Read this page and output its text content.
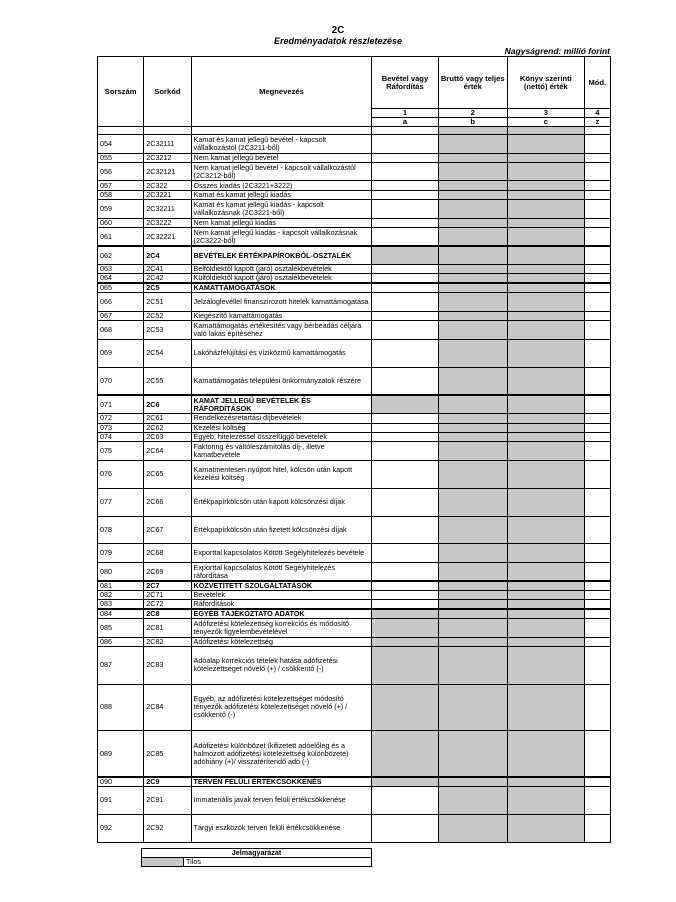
2C
Eredményadatok részletezése
Nagyságrend: millió forint
Sorszám	Sorkód	Megnevezés	Bevétel vagy Ráfordítás	Bruttó vagy teljes érték	Könyv szerinti (nettó) érték	Mód.
			1	2	3	4
			a	b	c	z

054	2C32111	Kamat és kamat jellegű bevétel - kapcsolt vállalkozástól (2C3211-ből)				
055	2C3212	Nem kamat jellegű bevétel				
056	2C32121	Nem kamat jellegű bevétel - kapcsolt vállalkozástól (2C3212-ből)				
057	2C322	Összes kiadás (2C3221+3222)				
058	2C3221	Kamat és kamat jellegű kiadás				
059	2C32211	Kamat és kamat jellegű kiadás - kapcsolt vállalkozásnak (2C3221-ből)				
060	2C3222	Nem kamat jellegű kiadás				
061	2C32221	Nem kamat jellegű kiadás - kapcsolt vállalkozásnak (2C3222-ből)				
062	2C4	BEVÉTELEK ÉRTÉKPAPÍROKBÓL-OSZTALÉK				
063	2C41	Belföldiektől kapott (járó) osztalékbevételek				
064	2C42	Külföldiektől kapott (járó) osztalékbevételek				
065	2C5	KAMATTÁMOGATÁSOK				
066	2C51	Jelzáloglevéllel finanszírozott hitelek kamattámogatása				
067	2C52	Kiegészítő kamattámogatás				
068	2C53	Kamattámogatás értékesítés vagy bérbeadás céljára való lakás építéséhez				
069	2C54	Lakóházfelújítási és víziközmű kamattámogatás				
070	2C55	Kamattámogatás települési önkormányzatok részére				
071	2C6	KAMAT JELLEGŰ BEVÉTELEK ÉS RÁFORDÍTÁSOK				
072	2C61	Rendelkezésretartási díjbevételek				
073	2C62	Kezelési költség				
074	2C63	Egyéb, hitelezéssel összefüggő bevételek				
075	2C64	Faktoring és váltóleszámítolás díj-, illetve kamatbevétele				
076	2C65	Kamatmentesen nyújtott hitel, kölcsön után kapott kezelési költség				
077	2C66	Értékpapírkölcsön után kapott kölcsönzési díjak				
078	2C67	Értékpapírkölcsön után fizetett kölcsönzési díjak				
079	2C68	Exporttal kapcsolatos Kötött Segélyhitelezés bevétele				
080	2C69	Exporttal kapcsolatos Kötött Segélyhitelezés ráfordítása				
081	2C7	KÖZVETÍTETT SZOLGÁLTATÁSOK				
082	2C71	Bevételek				
083	2C72	Ráfordítások				
084	2C8	EGYÉB TÁJÉKOZTATÓ ADATOK				
085	2C81	Adófizetési kötelezettség korrekciós és módosító tényezők figyelembevételével				
086	2C82	Adófizetési kötelezettség				
087	2C83	Adóalap korrekciós tételek hatása adófizetési kötelezettséget növelő (+) / csökkentő (-)				
088	2C84	Egyéb, az adófizetési kötelezettséget módosító tényezők adófizetési kötelezettséget növelő (+) / csökkentő (-)				
089	2C85	Adófizetési különbözet (kifizetett adóelőleg és a halmozott adófizetési kötelezettség különbözete) adóhiány (+)/ visszatérítendő adó (-)				
090	2C9	TERVEN FELÜLI ÉRTÉKCSÖKKENÉS				
091	2C91	Immateriális javak terven felüli értékcsökkenése				
092	2C92	Tárgyi eszközök terven felüli értékcsökkenése				
Jelmagyarázat
	Tilos
